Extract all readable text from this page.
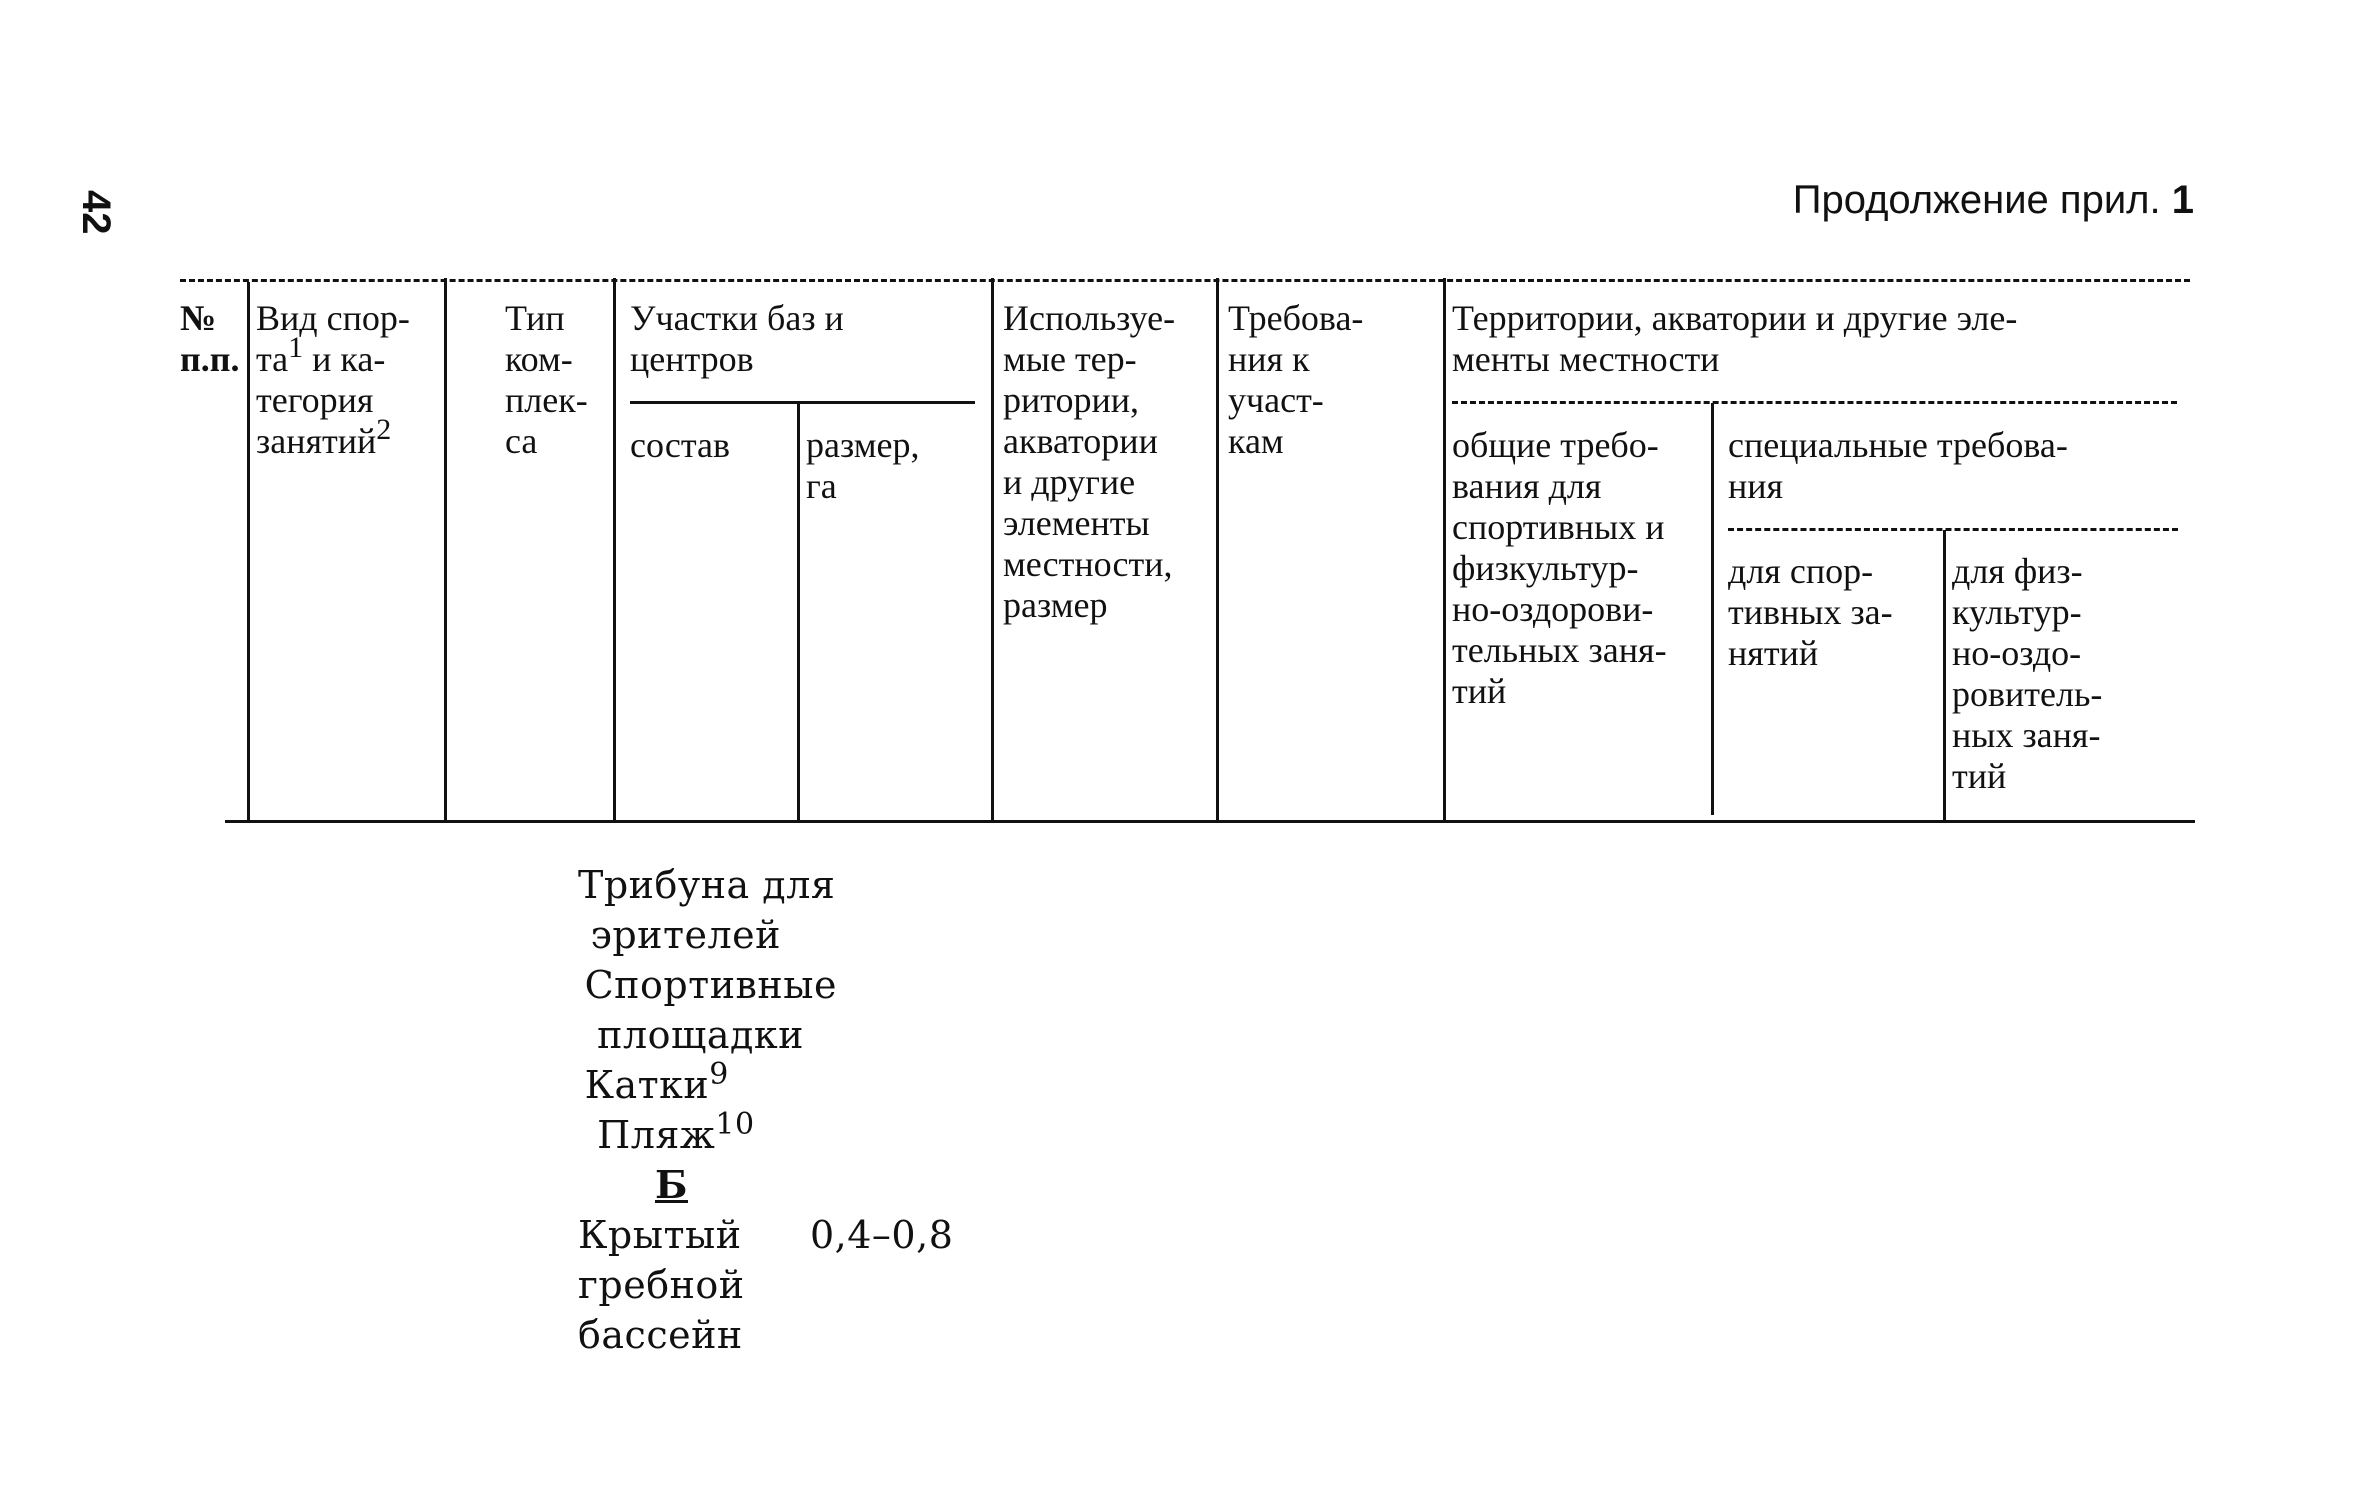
42	Продолжение прил. 1
№
п.п.
Вид спор-
$та^1$ и ка-
тегория
занятий$^2$
Тип
ком-
плек-
са
Участки баз и
центров
состав размер,
га
Используе-
мые тер-
ритории,
акватории
и другие
элементы
местности,
размер
Требова-
ния к
участ-
кам
Территории, акватории и другие эле-
менты местности
общие требо-
вания для
спортивных и
физкультур-
но-оздорови-
тельных заня-
тий
специальные требова-
ния
для спор-
тивных за-
нятий
для физ-
культур-
но-оздо-
ровитель-
ных заня-
тий
Трибуна для
эрителей
Спортивные
площадки
Катки$^9$
Пляж$^{10}$
Б
Крытый
гребной
бассейн
0,4–0,8
